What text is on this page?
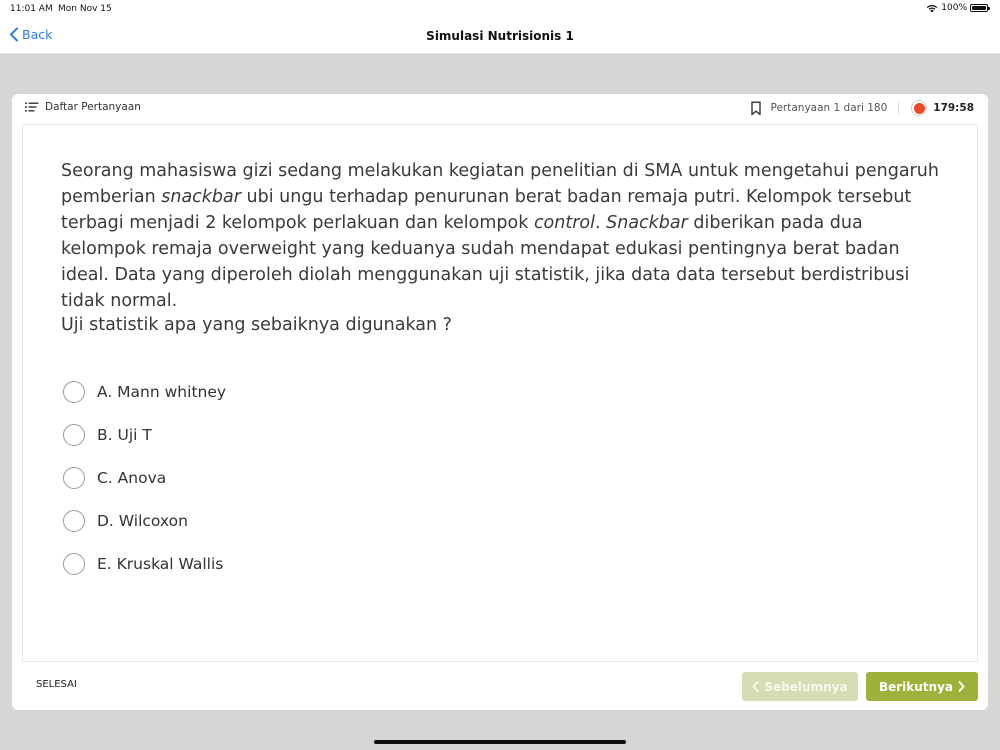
11:01 AM Mon Nov 15	100%
Back	Simulasi Nutrisionis 1
Daftar Pertanyaan	Pertanyaan 1 dari 180	179:58

Seorang mahasiswa gizi sedang melakukan kegiatan penelitian di SMA untuk mengetahui pengaruh pemberian snackbar ubi ungu terhadap penurunan berat badan remaja putri. Kelompok tersebut terbagi menjadi 2 kelompok perlakuan dan kelompok control. Snackbar diberikan pada dua kelompok remaja overweight yang keduanya sudah mendapat edukasi pentingnya berat badan ideal. Data yang diperoleh diolah menggunakan uji statistik, jika data data tersebut berdistribusi tidak normal.

Uji statistik apa yang sebaiknya digunakan ?

A. Mann whitney
B. Uji T
C. Anova
D. Wilcoxon
E. Kruskal Wallis
SELESAI	Sebelumnya	Berikutnya
